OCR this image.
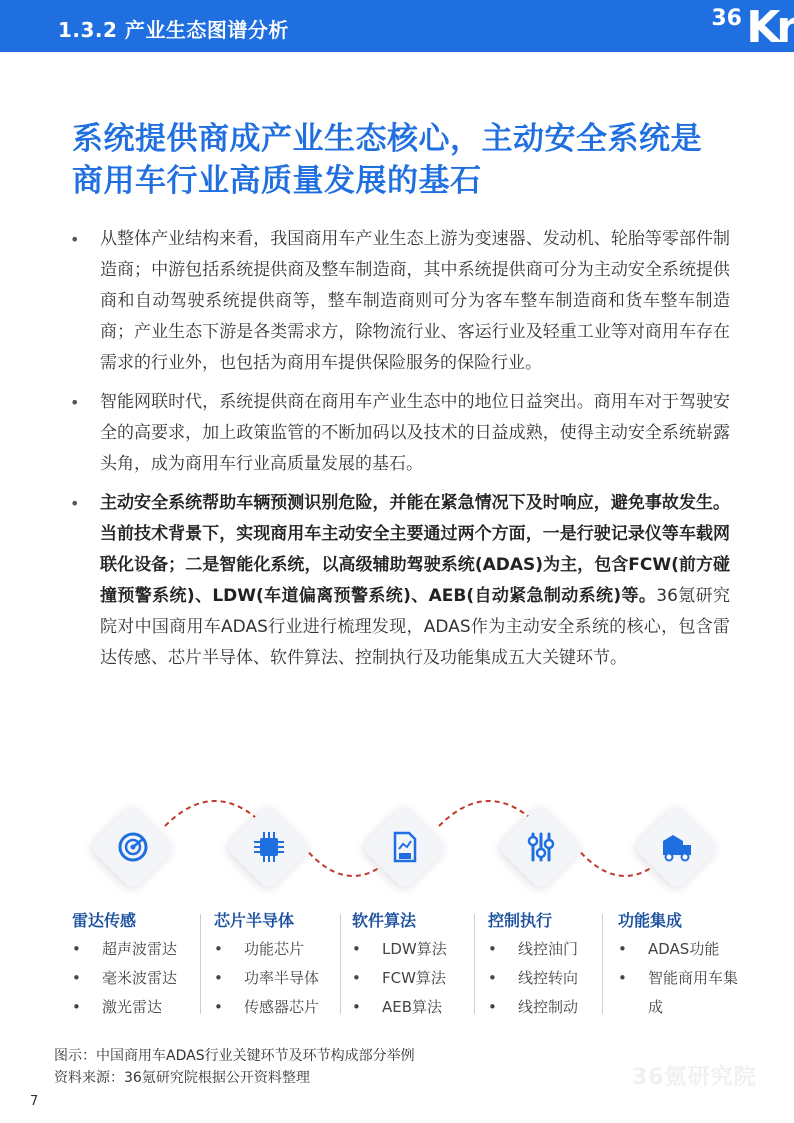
1.3.2 产业生态图谱分析	36 Kr
系统提供商成产业生态核心，主动安全系统是商用车行业高质量发展的基石
• 从整体产业结构来看，我国商用车产业生态上游为变速器、发动机、轮胎等零部件制造商；中游包括系统提供商及整车制造商，其中系统提供商可分为主动安全系统提供商和自动驾驶系统提供商等，整车制造商则可分为客车整车制造商和货车整车制造商；产业生态下游是各类需求方，除物流行业、客运行业及轻重工业等对商用车存在需求的行业外，也包括为商用车提供保险服务的保险行业。
• 智能网联时代，系统提供商在商用车产业生态中的地位日益突出。商用车对于驾驶安全的高要求，加上政策监管的不断加码以及技术的日益成熟，使得主动安全系统崭露头角，成为商用车行业高质量发展的基石。
• 主动安全系统帮助车辆预测识别危险，并能在紧急情况下及时响应，避免事故发生。当前技术背景下，实现商用车主动安全主要通过两个方面，一是行驶记录仪等车载网联化设备；二是智能化系统，以高级辅助驾驶系统(ADAS)为主，包含FCW(前方碰撞预警系统)、LDW(车道偏离预警系统)、AEB(自动紧急制动系统)等。36氪研究院对中国商用车ADAS行业进行梳理发现，ADAS作为主动安全系统的核心，包含雷达传感、芯片半导体、软件算法、控制执行及功能集成五大关键环节。
雷达传感
• 超声波雷达
• 毫米波雷达
• 激光雷达
芯片半导体
• 功能芯片
• 功率半导体
• 传感器芯片
软件算法
• LDW算法
• FCW算法
• AEB算法
控制执行
• 线控油门
• 线控转向
• 线控制动
功能集成
• ADAS功能
• 智能商用车集成
图示：中国商用车ADAS行业关键环节及环节构成部分举例
资料来源：36氪研究院根据公开资料整理	36氪研究院
7
